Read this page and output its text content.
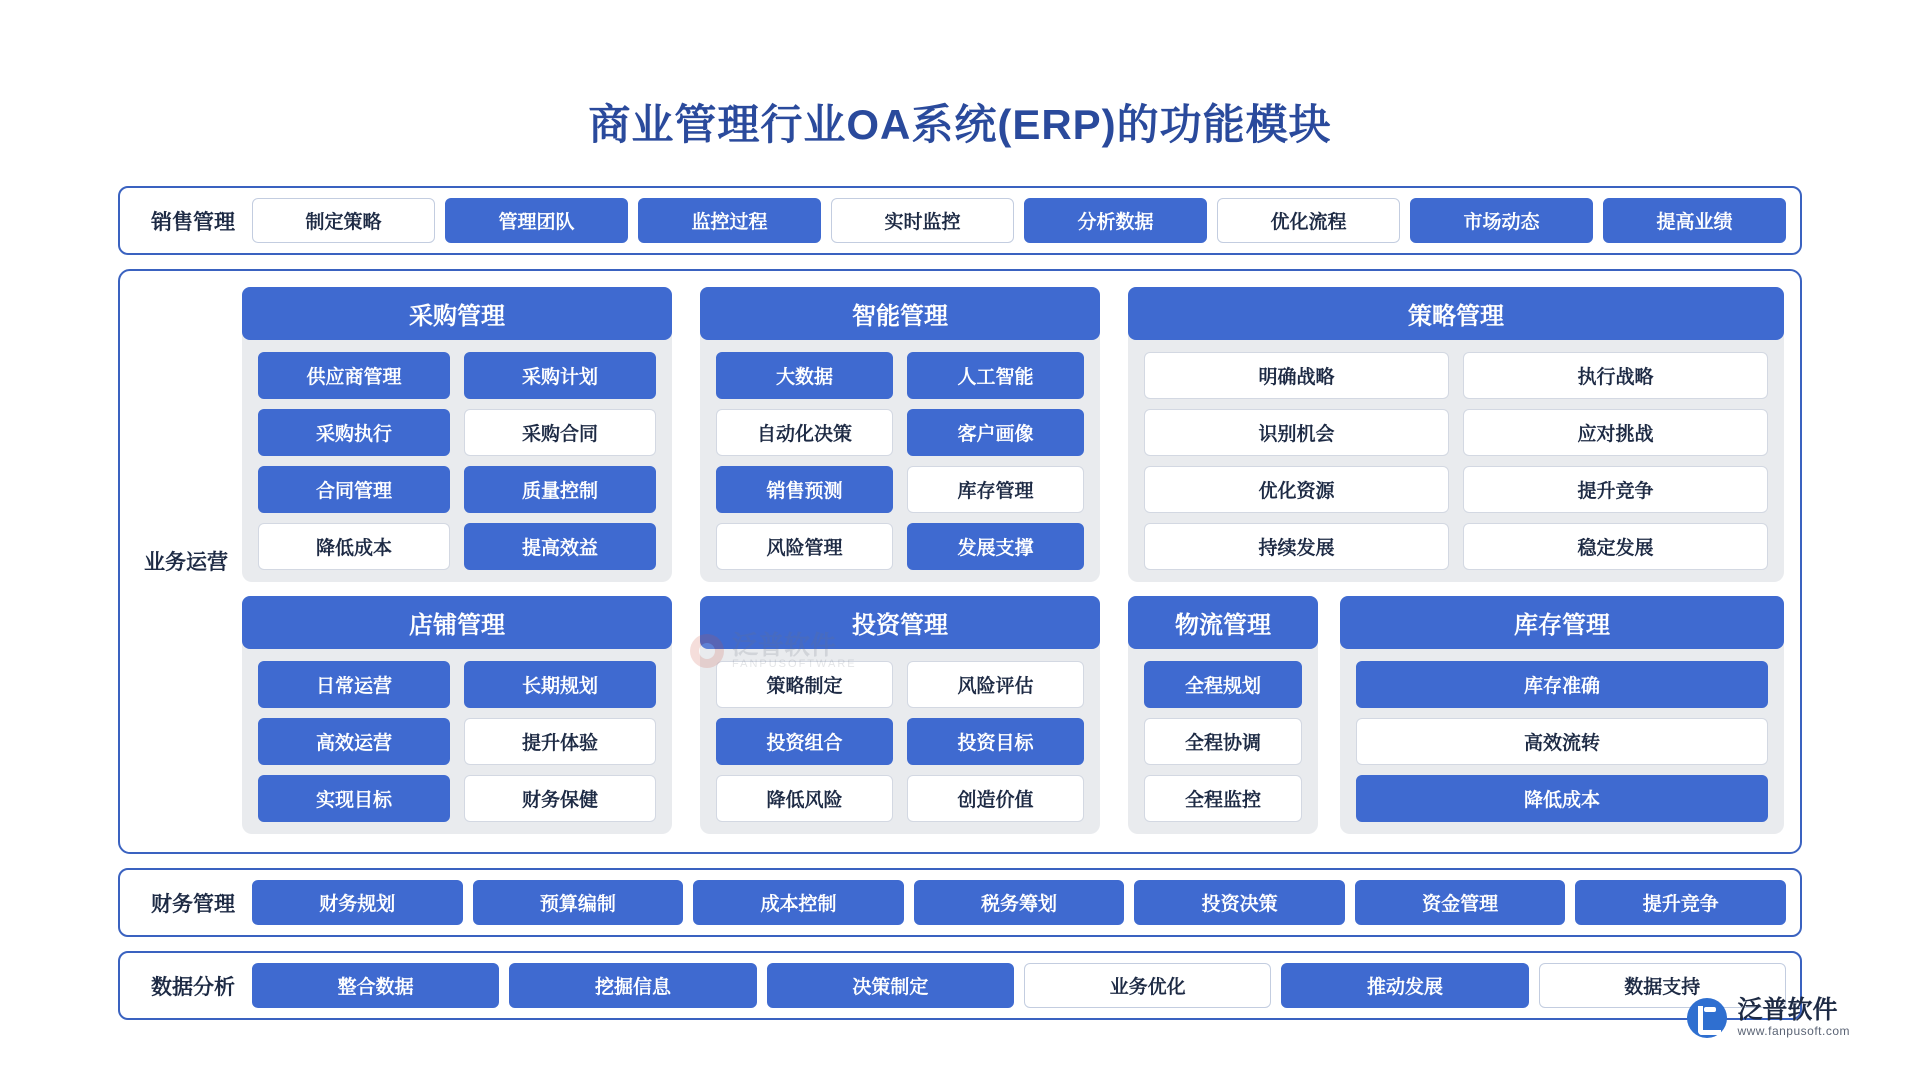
商业管理行业OA系统(ERP)的功能模块
销售管理	制定策略	管理团队	监控过程	实时监控	分析数据	优化流程	市场动态	提高业绩
业务运营
采购管理
供应商管理	采购计划
采购执行	采购合同
合同管理	质量控制
降低成本	提高效益
智能管理
大数据	人工智能
自动化决策	客户画像
销售预测	库存管理
风险管理	发展支撑
策略管理
明确战略	执行战略
识别机会	应对挑战
优化资源	提升竞争
持续发展	稳定发展
店铺管理
日常运营	长期规划
高效运营	提升体验
实现目标	财务保健
投资管理
策略制定	风险评估
投资组合	投资目标
降低风险	创造价值
物流管理
全程规划
全程协调
全程监控
库存管理
库存准确
高效流转
降低成本
财务管理	财务规划	预算编制	成本控制	税务筹划	投资决策	资金管理	提升竞争
数据分析	整合数据	挖掘信息	决策制定	业务优化	推动发展	数据支持
泛普软件
www.fanpusoft.com
